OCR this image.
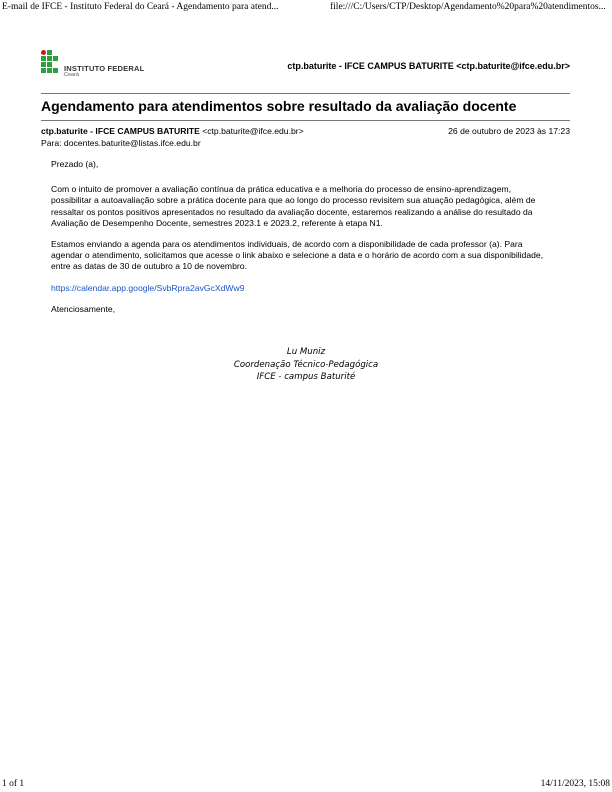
E-mail de IFCE - Instituto Federal do Ceará - Agendamento para atend...	file:///C:/Users/CTP/Desktop/Agendamento%20para%20atendimentos...
INSTITUTO FEDERAL
Ceará
ctp.baturite - IFCE CAMPUS BATURITE <ctp.baturite@ifce.edu.br>
Agendamento para atendimentos sobre resultado da avaliação docente
ctp.baturite - IFCE CAMPUS BATURITE <ctp.baturite@ifce.edu.br>	26 de outubro de 2023 às 17:23
Para: docentes.baturite@listas.ifce.edu.br

Prezado (a),

Com o intuito de promover a avaliação contínua da prática educativa e a melhoria do processo de ensino-aprendizagem, possibilitar a autoavaliação sobre a prática docente para que ao longo do processo revisitem sua atuação pedagógica, além de ressaltar os pontos positivos apresentados no resultado da avaliação docente, estaremos realizando a análise do resultado da Avaliação de Desempenho Docente, semestres 2023.1 e 2023.2, referente à etapa N1.

Estamos enviando a agenda para os atendimentos individuais, de acordo com a disponibilidade de cada professor (a). Para agendar o atendimento, solicitamos que acesse o link abaixo e selecione a data e o horário de acordo com a sua disponibilidade, entre as datas de 30 de outubro a 10 de novembro.

https://calendar.app.google/SvbRpra2avGcXdWw9

Atenciosamente,

Lu Muniz
Coordenação Técnico-Pedagógica
IFCE - campus Baturité
1 of 1	14/11/2023, 15:08
